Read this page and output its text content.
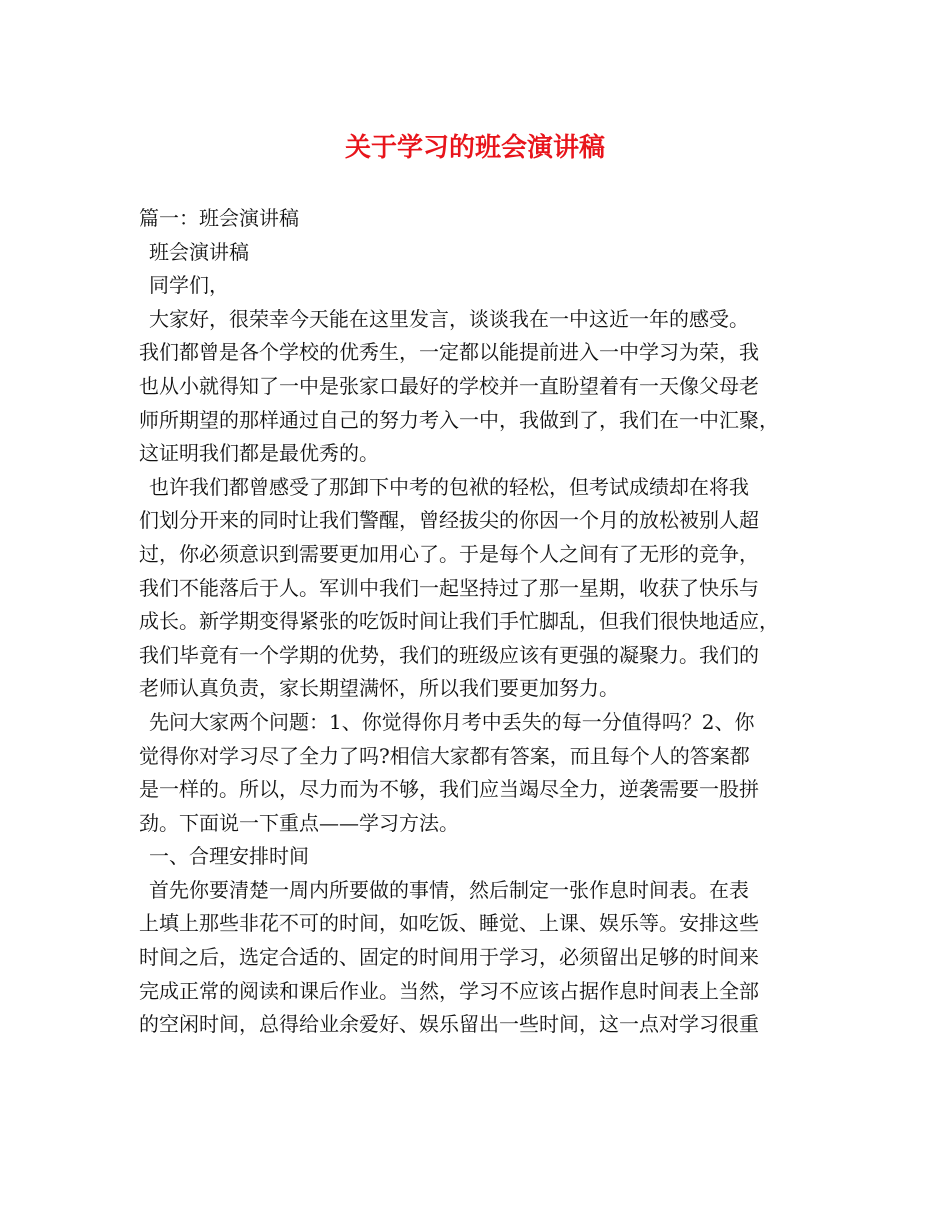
关于学习的班会演讲稿
篇一：班会演讲稿
班会演讲稿
同学们，
大家好，很荣幸今天能在这里发言，谈谈我在一中这近一年的感受。
我们都曾是各个学校的优秀生，一定都以能提前进入一中学习为荣，我
也从小就得知了一中是张家口最好的学校并一直盼望着有一天像父母老
师所期望的那样通过自己的努力考入一中，我做到了，我们在一中汇聚，
这证明我们都是最优秀的。
也许我们都曾感受了那卸下中考的包袱的轻松，但考试成绩却在将我
们划分开来的同时让我们警醒，曾经拔尖的你因一个月的放松被别人超
过，你必须意识到需要更加用心了。于是每个人之间有了无形的竞争，
我们不能落后于人。军训中我们一起坚持过了那一星期，收获了快乐与
成长。新学期变得紧张的吃饭时间让我们手忙脚乱，但我们很快地适应，
我们毕竟有一个学期的优势，我们的班级应该有更强的凝聚力。我们的
老师认真负责，家长期望满怀，所以我们要更加努力。
先问大家两个问题：1、你觉得你月考中丢失的每一分值得吗？2、你
觉得你对学习尽了全力了吗?相信大家都有答案，而且每个人的答案都
是一样的。所以，尽力而为不够，我们应当竭尽全力，逆袭需要一股拼
劲。下面说一下重点——学习方法。
一、合理安排时间
首先你要清楚一周内所要做的事情，然后制定一张作息时间表。在表
上填上那些非花不可的时间，如吃饭、睡觉、上课、娱乐等。安排这些
时间之后，选定合适的、固定的时间用于学习，必须留出足够的时间来
完成正常的阅读和课后作业。当然，学习不应该占据作息时间表上全部
的空闲时间，总得给业余爱好、娱乐留出一些时间，这一点对学习很重
